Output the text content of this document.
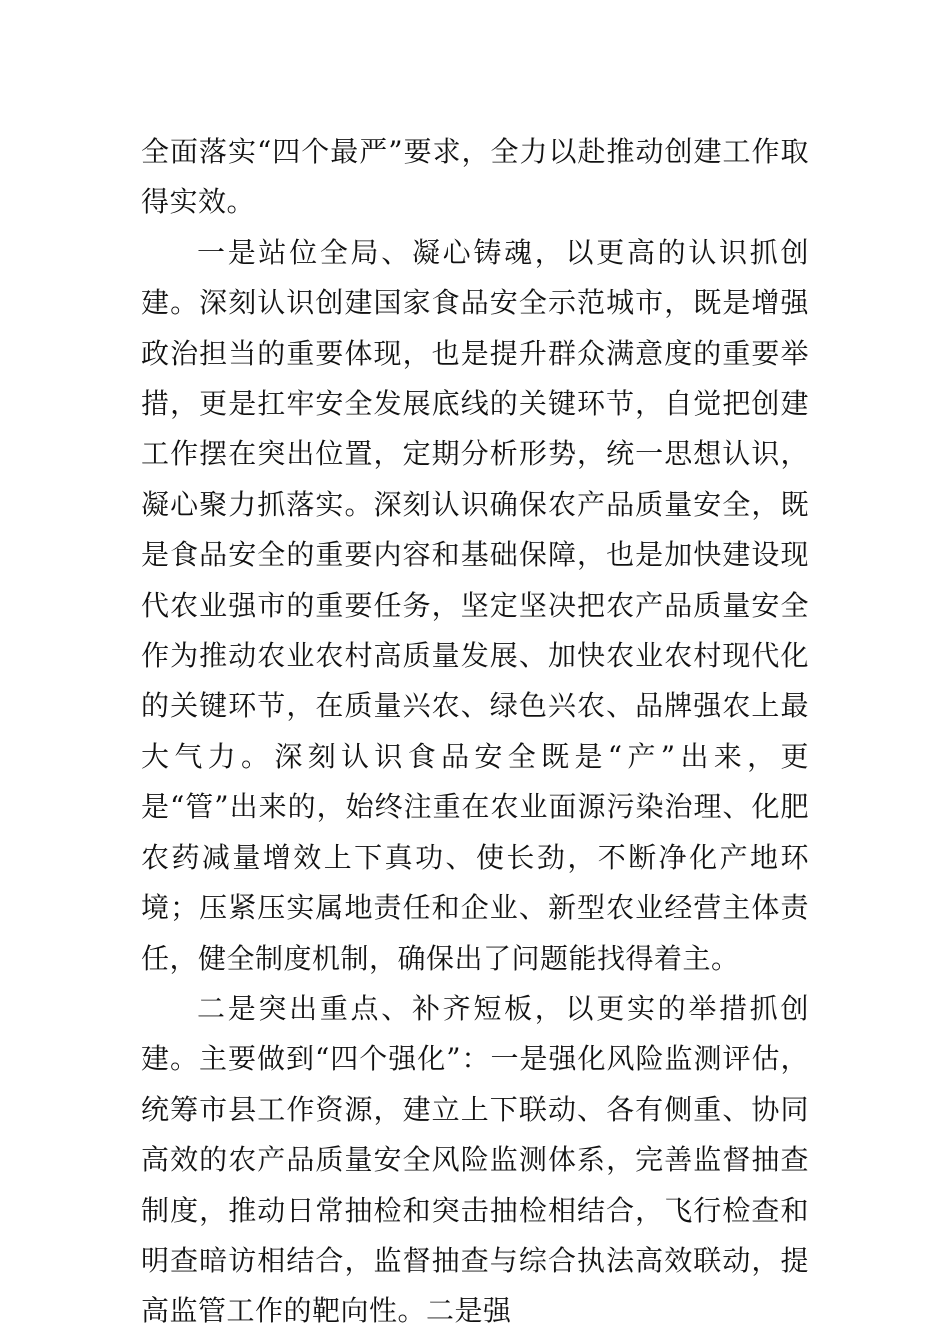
全面落实“四个最严”要求，全力以赴推动创建工作取得实效。

一是站位全局、凝心铸魂，以更高的认识抓创建。深刻认识创建国家食品安全示范城市，既是增强政治担当的重要体现，也是提升群众满意度的重要举措，更是扛牢安全发展底线的关键环节，自觉把创建工作摆在突出位置，定期分析形势，统一思想认识，凝心聚力抓落实。深刻认识确保农产品质量安全，既是食品安全的重要内容和基础保障，也是加快建设现代农业强市的重要任务，坚定坚决把农产品质量安全作为推动农业农村高质量发展、加快农业农村现代化的关键环节，在质量兴农、绿色兴农、品牌强农上最大气力。深刻认识食品安全既是“产”出来，更是“管”出来的，始终注重在农业面源污染治理、化肥农药减量增效上下真功、使长劲，不断净化产地环境；压紧压实属地责任和企业、新型农业经营主体责任，健全制度机制，确保出了问题能找得着主。

二是突出重点、补齐短板，以更实的举措抓创建。主要做到“四个强化”：一是强化风险监测评估，统筹市县工作资源，建立上下联动、各有侧重、协同高效的农产品质量安全风险监测体系，完善监督抽查制度，推动日常抽检和突击抽检相结合，飞行检查和明查暗访相结合，监督抽查与综合执法高效联动，提高监管工作的靶向性。二是强
